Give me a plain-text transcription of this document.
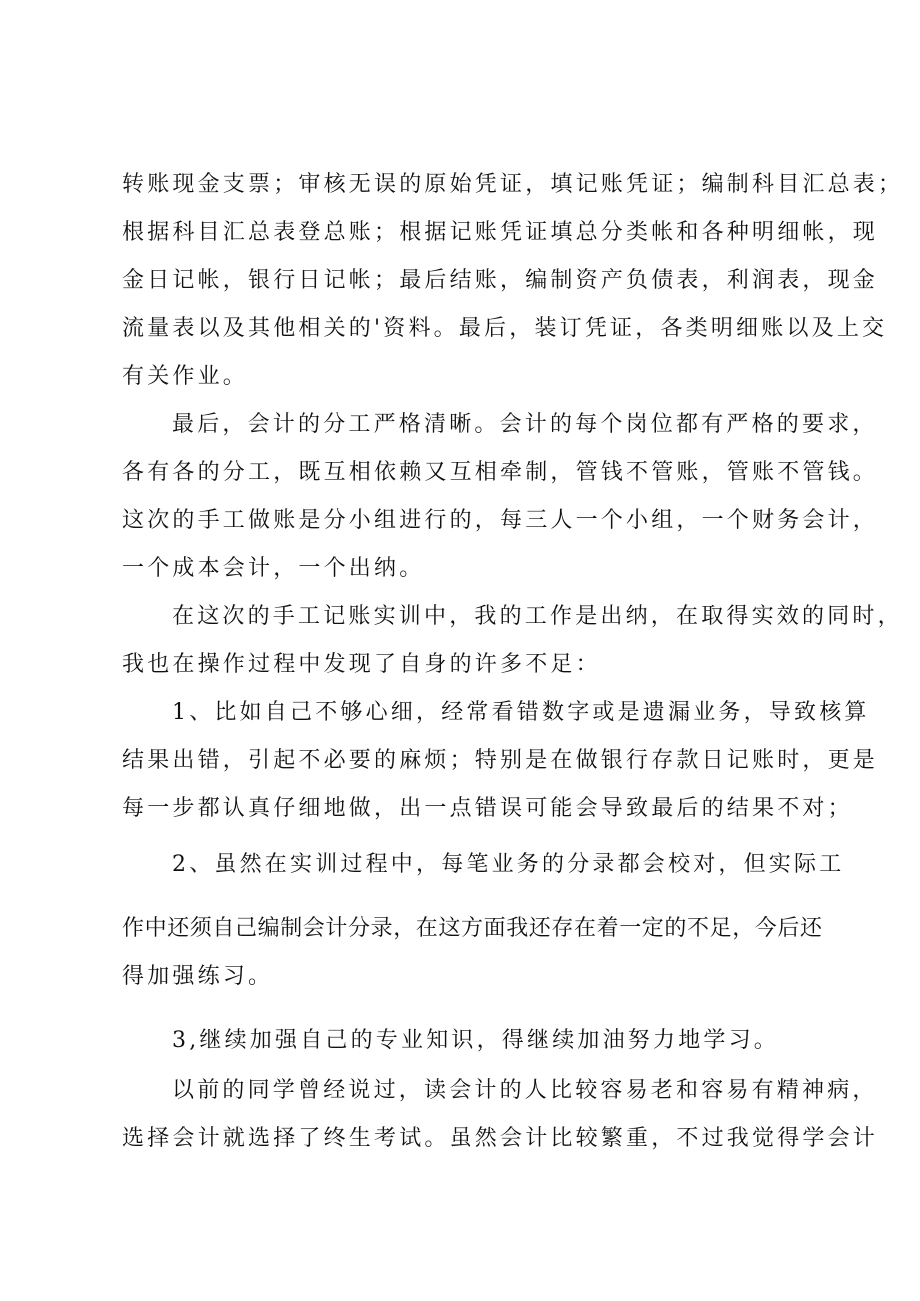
转账现金支票；审核无误的原始凭证，填记账凭证；编制科目汇总表；
根据科目汇总表登总账；根据记账凭证填总分类帐和各种明细帐，现
金日记帐，银行日记帐；最后结账，编制资产负债表，利润表，现金
流量表以及其他相关的'资料。最后，装订凭证，各类明细账以及上交
有关作业。
最后，会计的分工严格清晰。会计的每个岗位都有严格的要求，
各有各的分工，既互相依赖又互相牵制，管钱不管账，管账不管钱。
这次的手工做账是分小组进行的，每三人一个小组，一个财务会计，
一个成本会计，一个出纳。
在这次的手工记账实训中，我的工作是出纳，在取得实效的同时，
我也在操作过程中发现了自身的许多不足：
1、比如自己不够心细，经常看错数字或是遗漏业务，导致核算
结果出错，引起不必要的麻烦；特别是在做银行存款日记账时，更是
每一步都认真仔细地做，出一点错误可能会导致最后的结果不对；
2、虽然在实训过程中，每笔业务的分录都会校对，但实际工
作中还须自己编制会计分录，在这方面我还存在着一定的不足，今后还
得加强练习。
3,继续加强自己的专业知识，得继续加油努力地学习。
以前的同学曾经说过，读会计的人比较容易老和容易有精神病，
选择会计就选择了终生考试。虽然会计比较繁重，不过我觉得学会计
